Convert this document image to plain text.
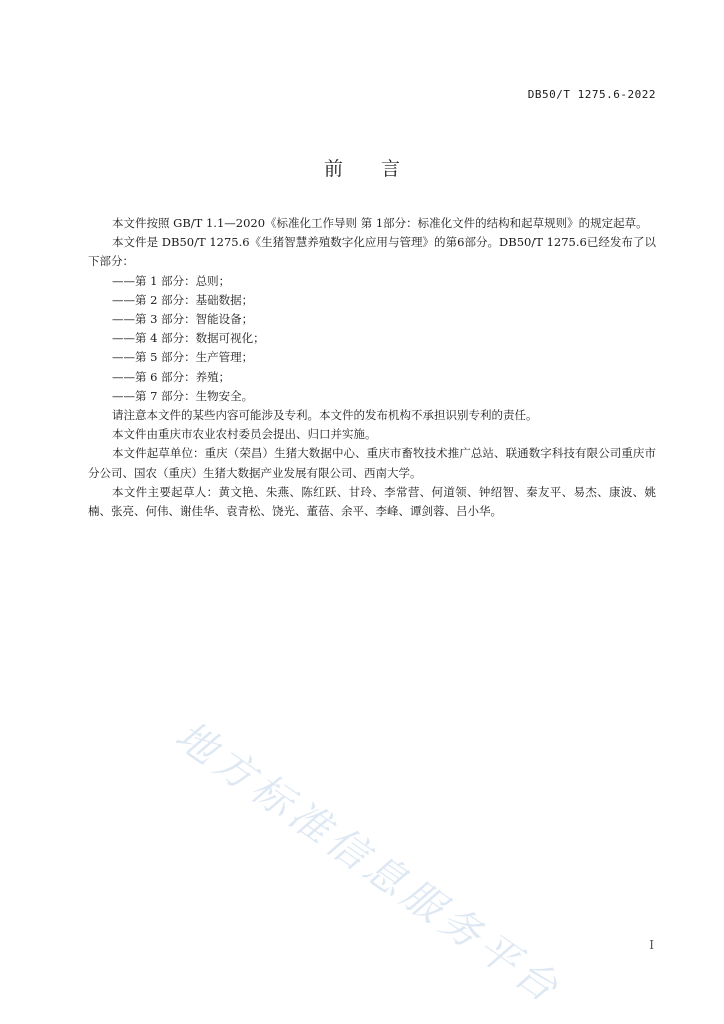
DB50/T 1275.6-2022
前言

本文件按照 GB/T 1.1—2020《标准化工作导则 第 1部分：标准化文件的结构和起草规则》的规定起草。

本文件是 DB50/T 1275.6《生猪智慧养殖数字化应用与管理》的第6部分。DB50/T 1275.6已经发布了以下部分：

——第 1 部分：总则；

——第 2 部分：基础数据；

——第 3 部分：智能设备；

——第 4 部分：数据可视化；

——第 5 部分：生产管理；

——第 6 部分：养殖；

——第 7 部分：生物安全。

请注意本文件的某些内容可能涉及专利。本文件的发布机构不承担识别专利的责任。

本文件由重庆市农业农村委员会提出、归口并实施。

本文件起草单位：重庆（荣昌）生猪大数据中心、重庆市畜牧技术推广总站、联通数字科技有限公司重庆市分公司、国农（重庆）生猪大数据产业发展有限公司、西南大学。

本文件主要起草人：黄文艳、朱燕、陈红跃、甘玲、李常营、何道领、钟绍智、秦友平、易杰、康波、姚楠、张亮、何伟、谢佳华、袁青松、饶光、董蓓、余平、李峰、谭剑蓉、吕小华。

地方标准信息服务平台	I
